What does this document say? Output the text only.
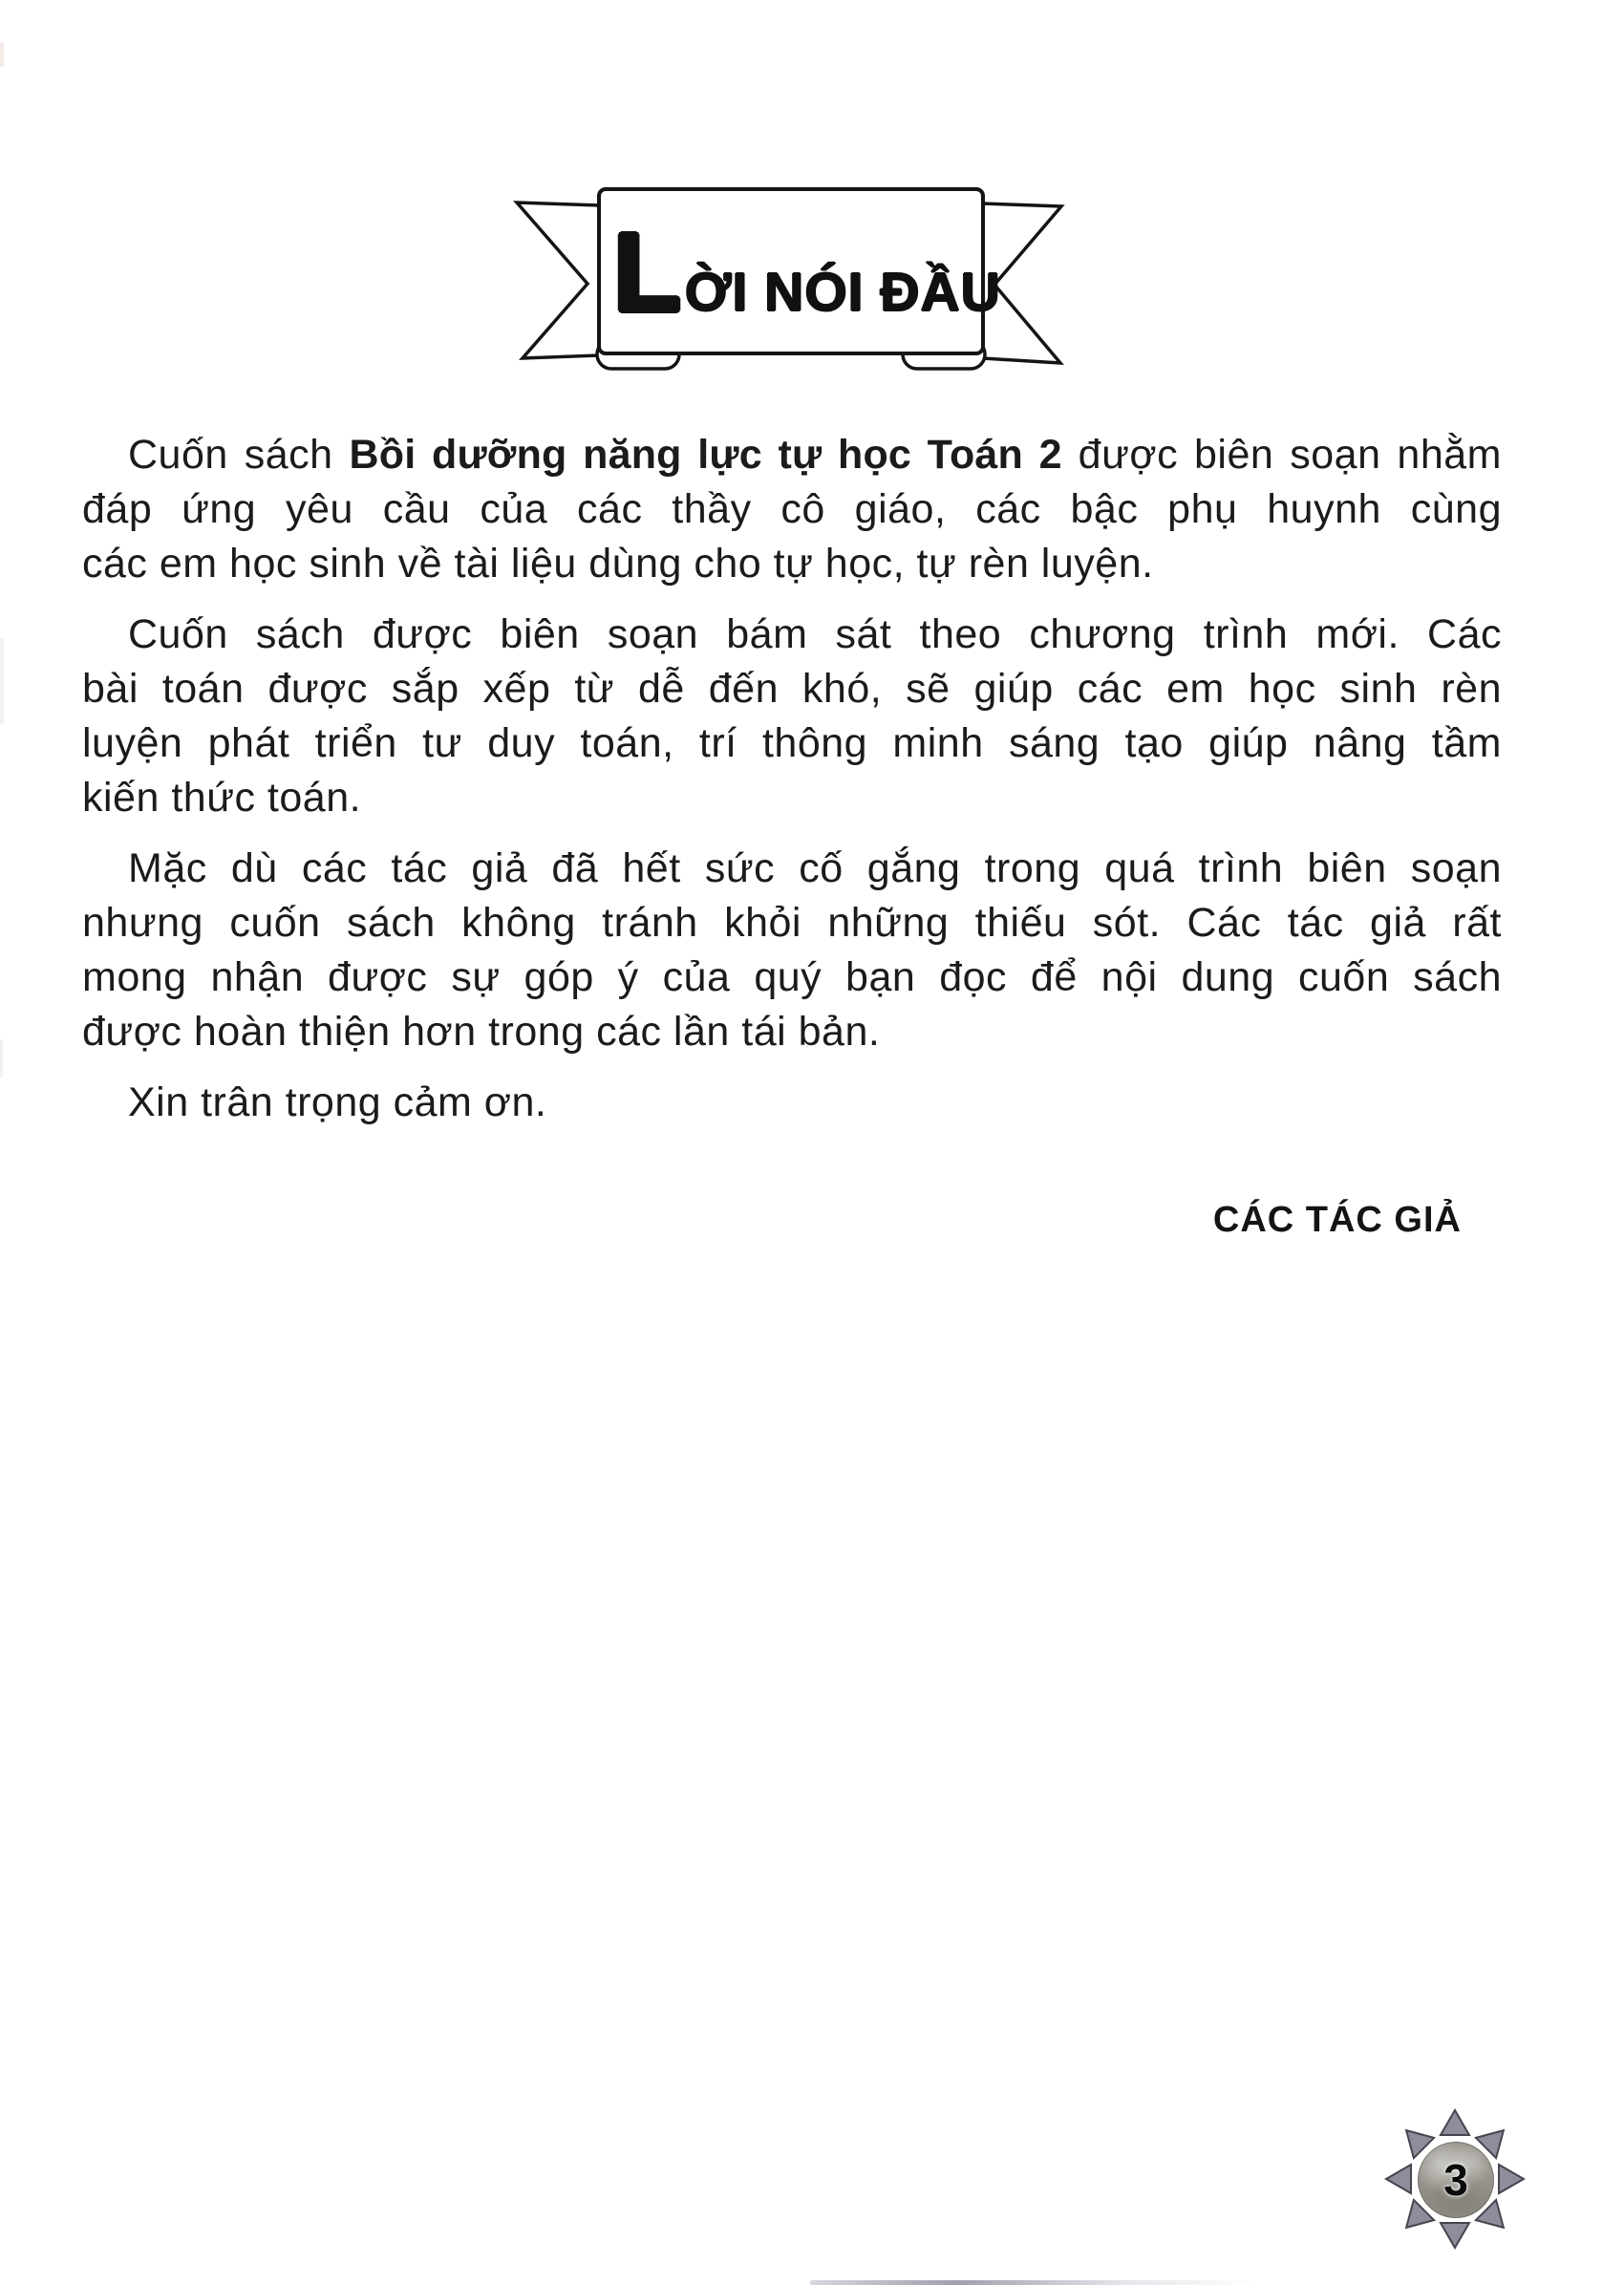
L ỜI NÓI ĐẦU
Cuốn sách Bồi dưỡng năng lực tự học Toán 2 được biên soạn nhằm
đáp ứng yêu cầu của các thầy cô giáo, các bậc phụ huynh cùng
các em học sinh về tài liệu dùng cho tự học, tự rèn luyện.
Cuốn sách được biên soạn bám sát theo chương trình mới. Các
bài toán được sắp xếp từ dễ đến khó, sẽ giúp các em học sinh rèn
luyện phát triển tư duy toán, trí thông minh sáng tạo giúp nâng tầm
kiến thức toán.
Mặc dù các tác giả đã hết sức cố gắng trong quá trình biên soạn
nhưng cuốn sách không tránh khỏi những thiếu sót. Các tác giả rất
mong nhận được sự góp ý của quý bạn đọc để nội dung cuốn sách
được hoàn thiện hơn trong các lần tái bản.
Xin trân trọng cảm ơn.
CÁC TÁC GIẢ
3
